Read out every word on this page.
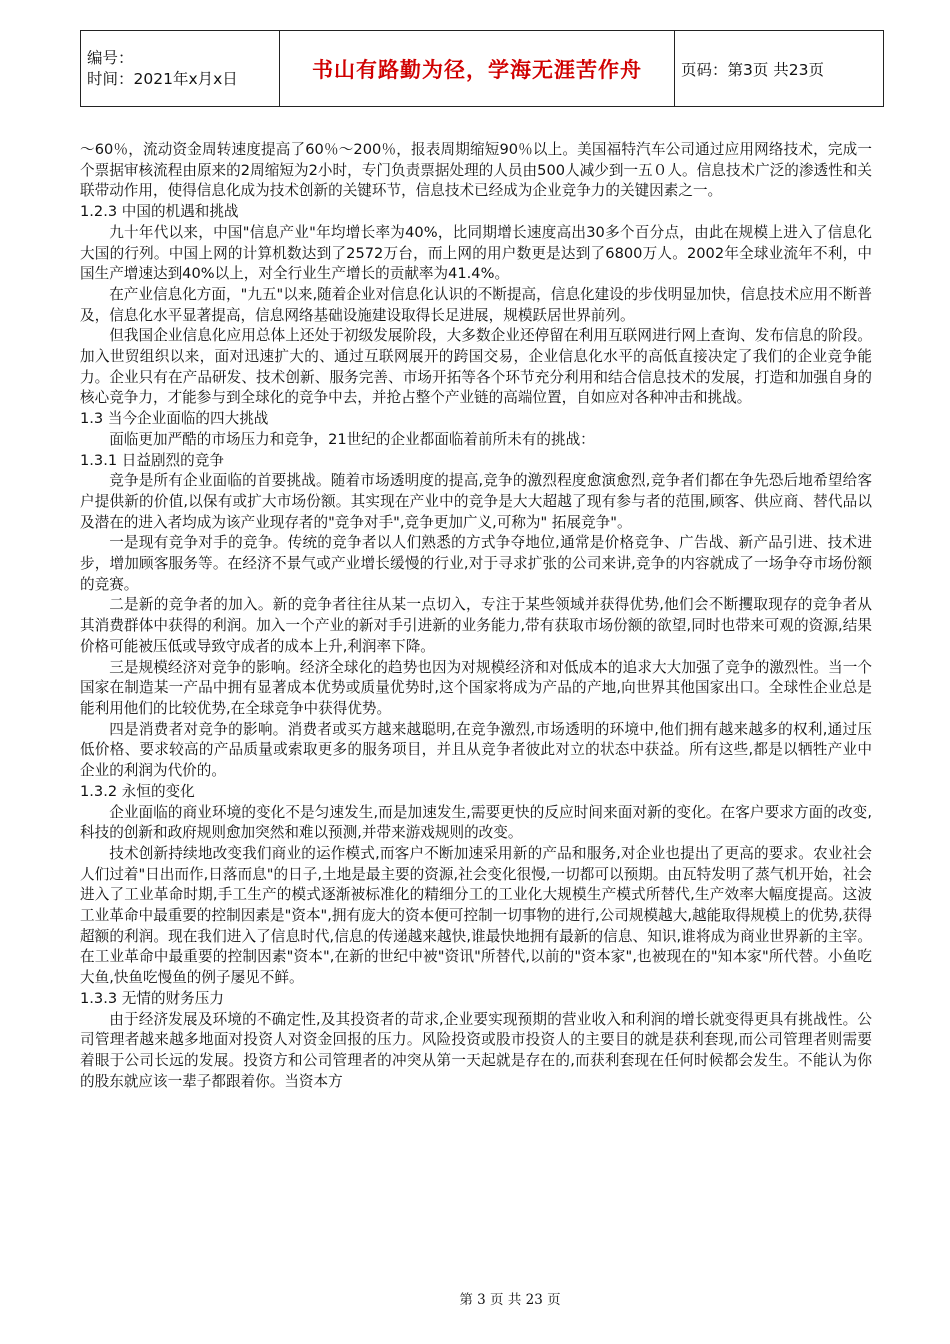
编号：
时间：2021年x月x日	书山有路勤为径，学海无涯苦作舟	页码：第3页 共23页

～60％，流动资金周转速度提高了60％～200％，报表周期缩短90％以上。美国福特汽车公司通过应用网络技术，完成一个票据审核流程由原来的2周缩短为2小时，专门负责票据处理的人员由500人减少到一五０人。信息技术广泛的渗透性和关联带动作用，使得信息化成为技术创新的关键环节，信息技术已经成为企业竞争力的关键因素之一。

1.2.3 中国的机遇和挑战

九十年代以来，中国"信息产业"年均增长率为40%，比同期增长速度高出30多个百分点，由此在规模上进入了信息化大国的行列。中国上网的计算机数达到了2572万台，而上网的用户数更是达到了6800万人。2002年全球业流年不利，中国生产增速达到40%以上，对全行业生产增长的贡献率为41.4%。

在产业信息化方面，"九五"以来,随着企业对信息化认识的不断提高，信息化建设的步伐明显加快，信息技术应用不断普及，信息化水平显著提高，信息网络基础设施建设取得长足进展，规模跃居世界前列。

但我国企业信息化应用总体上还处于初级发展阶段，大多数企业还停留在利用互联网进行网上查询、发布信息的阶段。加入世贸组织以来，面对迅速扩大的、通过互联网展开的跨国交易，企业信息化水平的高低直接决定了我们的企业竞争能力。企业只有在产品研发、技术创新、服务完善、市场开拓等各个环节充分利用和结合信息技术的发展，打造和加强自身的核心竞争力，才能参与到全球化的竞争中去，并抢占整个产业链的高端位置，自如应对各种冲击和挑战。

1.3 当今企业面临的四大挑战

面临更加严酷的市场压力和竞争，21世纪的企业都面临着前所未有的挑战：

1.3.1 日益剧烈的竞争

竞争是所有企业面临的首要挑战。随着市场透明度的提高,竞争的激烈程度愈演愈烈,竞争者们都在争先恐后地希望给客户提供新的价值,以保有或扩大市场份额。其实现在产业中的竞争是大大超越了现有参与者的范围,顾客、供应商、替代品以及潜在的进入者均成为该产业现存者的"竞争对手",竞争更加广义,可称为" 拓展竞争"。

一是现有竞争对手的竞争。传统的竞争者以人们熟悉的方式争夺地位,通常是价格竞争、广告战、新产品引进、技术进步，增加顾客服务等。在经济不景气或产业增长缓慢的行业,对于寻求扩张的公司来讲,竞争的内容就成了一场争夺市场份额的竞赛。

二是新的竞争者的加入。新的竞争者往往从某一点切入，专注于某些领域并获得优势,他们会不断攫取现存的竞争者从其消费群体中获得的利润。加入一个产业的新对手引进新的业务能力,带有获取市场份额的欲望,同时也带来可观的资源,结果价格可能被压低或导致守成者的成本上升,利润率下降。

三是规模经济对竞争的影响。经济全球化的趋势也因为对规模经济和对低成本的追求大大加强了竞争的激烈性。当一个国家在制造某一产品中拥有显著成本优势或质量优势时,这个国家将成为产品的产地,向世界其他国家出口。全球性企业总是能利用他们的比较优势,在全球竞争中获得优势。

四是消费者对竞争的影响。消费者或买方越来越聪明,在竞争激烈,市场透明的环境中,他们拥有越来越多的权利,通过压低价格、要求较高的产品质量或索取更多的服务项目，并且从竞争者彼此对立的状态中获益。所有这些,都是以牺牲产业中企业的利润为代价的。

1.3.2 永恒的变化

企业面临的商业环境的变化不是匀速发生,而是加速发生,需要更快的反应时间来面对新的变化。在客户要求方面的改变,科技的创新和政府规则愈加突然和难以预测,并带来游戏规则的改变。

技术创新持续地改变我们商业的运作模式,而客户不断加速采用新的产品和服务,对企业也提出了更高的要求。农业社会人们过着"日出而作,日落而息"的日子,土地是最主要的资源,社会变化很慢,一切都可以预期。由瓦特发明了蒸气机开始，社会进入了工业革命时期,手工生产的模式逐渐被标准化的精细分工的工业化大规模生产模式所替代,生产效率大幅度提高。这波工业革命中最重要的控制因素是"资本",拥有庞大的资本便可控制一切事物的进行,公司规模越大,越能取得规模上的优势,获得超额的利润。现在我们进入了信息时代,信息的传递越来越快,谁最快地拥有最新的信息、知识,谁将成为商业世界新的主宰。在工业革命中最重要的控制因素"资本",在新的世纪中被"资讯"所替代,以前的"资本家",也被现在的"知本家"所代替。小鱼吃大鱼,快鱼吃慢鱼的例子屡见不鲜。

1.3.3 无情的财务压力

由于经济发展及环境的不确定性,及其投资者的苛求,企业要实现预期的营业收入和利润的增长就变得更具有挑战性。公司管理者越来越多地面对投资人对资金回报的压力。风险投资或股市投资人的主要目的就是获利套现,而公司管理者则需要着眼于公司长远的发展。投资方和公司管理者的冲突从第一天起就是存在的,而获利套现在任何时候都会发生。不能认为你的股东就应该一辈子都跟着你。当资本方

第 3 页 共 23 页
